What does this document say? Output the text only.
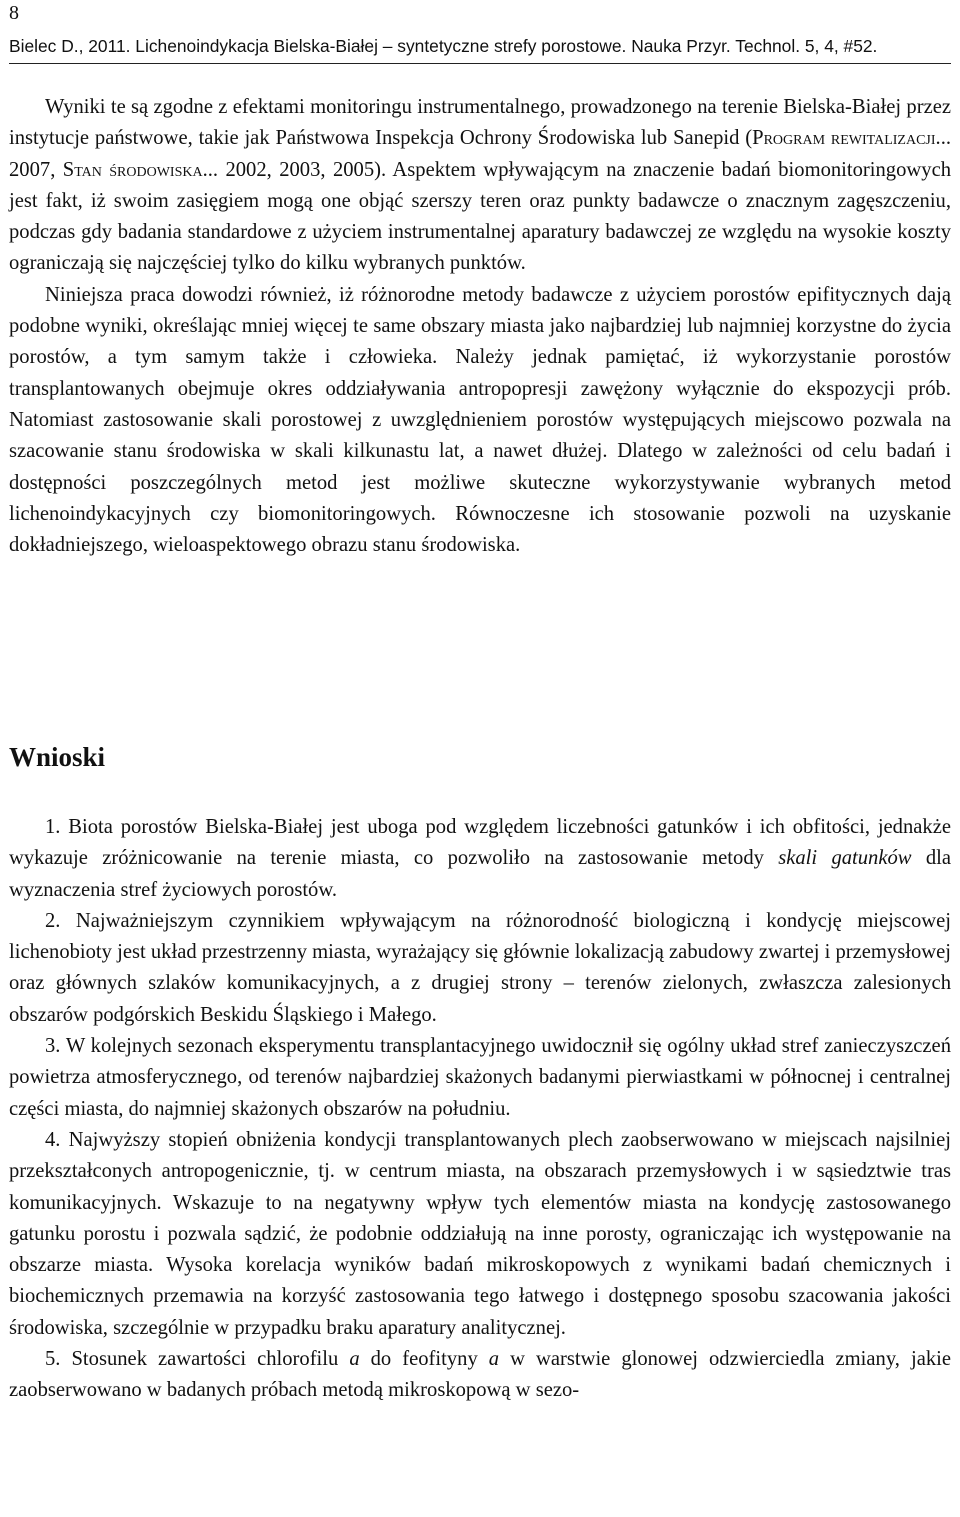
8
Bielec D., 2011. Lichenoindykacja Bielska-Białej – syntetyczne strefy porostowe. Nauka Przyr. Technol. 5, 4, #52.

Wyniki te są zgodne z efektami monitoringu instrumentalnego, prowadzonego na terenie Bielska-Białej przez instytucje państwowe, takie jak Państwowa Inspekcja Ochrony Środowiska lub Sanepid (Program rewitalizacji... 2007, Stan środowiska... 2002, 2003, 2005). Aspektem wpływającym na znaczenie badań biomonitoringowych jest fakt, iż swoim zasięgiem mogą one objąć szerszy teren oraz punkty badawcze o znacznym zagęszczeniu, podczas gdy badania standardowe z użyciem instrumentalnej aparatury badawczej ze względu na wysokie koszty ograniczają się najczęściej tylko do kilku wybranych punktów.

Niniejsza praca dowodzi również, iż różnorodne metody badawcze z użyciem porostów epifitycznych dają podobne wyniki, określając mniej więcej te same obszary miasta jako najbardziej lub najmniej korzystne do życia porostów, a tym samym także i człowieka. Należy jednak pamiętać, iż wykorzystanie porostów transplantowanych obejmuje okres oddziaływania antropopresji zawężony wyłącznie do ekspozycji prób. Natomiast zastosowanie skali porostowej z uwzględnieniem porostów występujących miejscowo pozwala na szacowanie stanu środowiska w skali kilkunastu lat, a nawet dłużej. Dlatego w zależności od celu badań i dostępności poszczególnych metod jest możliwe skuteczne wykorzystywanie wybranych metod lichenoindykacyjnych czy biomonitoringowych. Równoczesne ich stosowanie pozwoli na uzyskanie dokładniejszego, wieloaspektowego obrazu stanu środowiska.

Wnioski

1. Biota porostów Bielska-Białej jest uboga pod względem liczebności gatunków i ich obfitości, jednakże wykazuje zróżnicowanie na terenie miasta, co pozwoliło na zastosowanie metody skali gatunków dla wyznaczenia stref życiowych porostów.

2. Najważniejszym czynnikiem wpływającym na różnorodność biologiczną i kondycję miejscowej lichenobioty jest układ przestrzenny miasta, wyrażający się głównie lokalizacją zabudowy zwartej i przemysłowej oraz głównych szlaków komunikacyjnych, a z drugiej strony – terenów zielonych, zwłaszcza zalesionych obszarów podgórskich Beskidu Śląskiego i Małego.

3. W kolejnych sezonach eksperymentu transplantacyjnego uwidocznił się ogólny układ stref zanieczyszczeń powietrza atmosferycznego, od terenów najbardziej skażonych badanymi pierwiastkami w północnej i centralnej części miasta, do najmniej skażonych obszarów na południu.

4. Najwyższy stopień obniżenia kondycji transplantowanych plech zaobserwowano w miejscach najsilniej przekształconych antropogenicznie, tj. w centrum miasta, na obszarach przemysłowych i w sąsiedztwie tras komunikacyjnych. Wskazuje to na negatywny wpływ tych elementów miasta na kondycję zastosowanego gatunku porostu i pozwala sądzić, że podobnie oddziałują na inne porosty, ograniczając ich występowanie na obszarze miasta. Wysoka korelacja wyników badań mikroskopowych z wynikami badań chemicznych i biochemicznych przemawia na korzyść zastosowania tego łatwego i dostępnego sposobu szacowania jakości środowiska, szczególnie w przypadku braku aparatury analitycznej.

5. Stosunek zawartości chlorofilu a do feofityny a w warstwie glonowej odzwierciedla zmiany, jakie zaobserwowano w badanych próbach metodą mikroskopową w sezo-
